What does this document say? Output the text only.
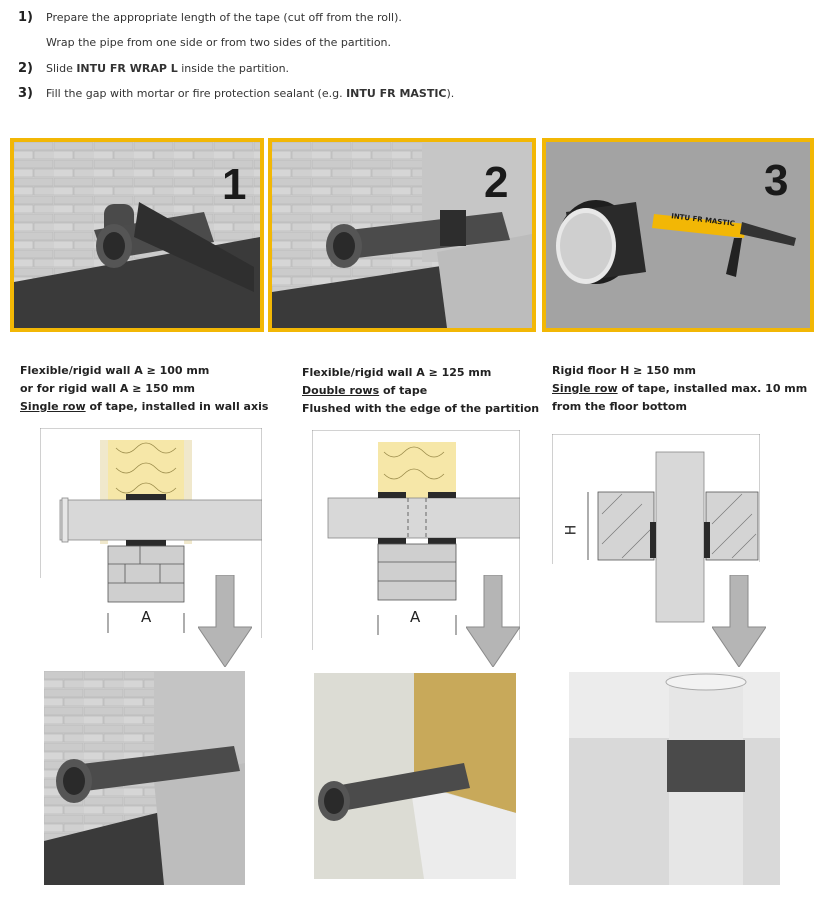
1) Prepare the appropriate length of the tape (cut off from the roll).
Wrap the pipe from one side or from two sides of the partition.
2) Slide INTU FR WRAP L inside the partition.
3) Fill the gap with mortar or fire protection sealant (e.g. INTU FR MASTIC).
1	2	3
INTU FR MASTIC
Flexible/rigid wall A ≥ 100 mm
or for rigid wall A ≥ 150 mm
Single row of tape, installed in wall axis
Flexible/rigid wall A ≥ 125 mm
Double rows of tape
Flushed with the edge of the partition
Rigid floor H ≥ 150 mm
Single row of tape, installed max. 10 mm
from the floor bottom
A	A
H
